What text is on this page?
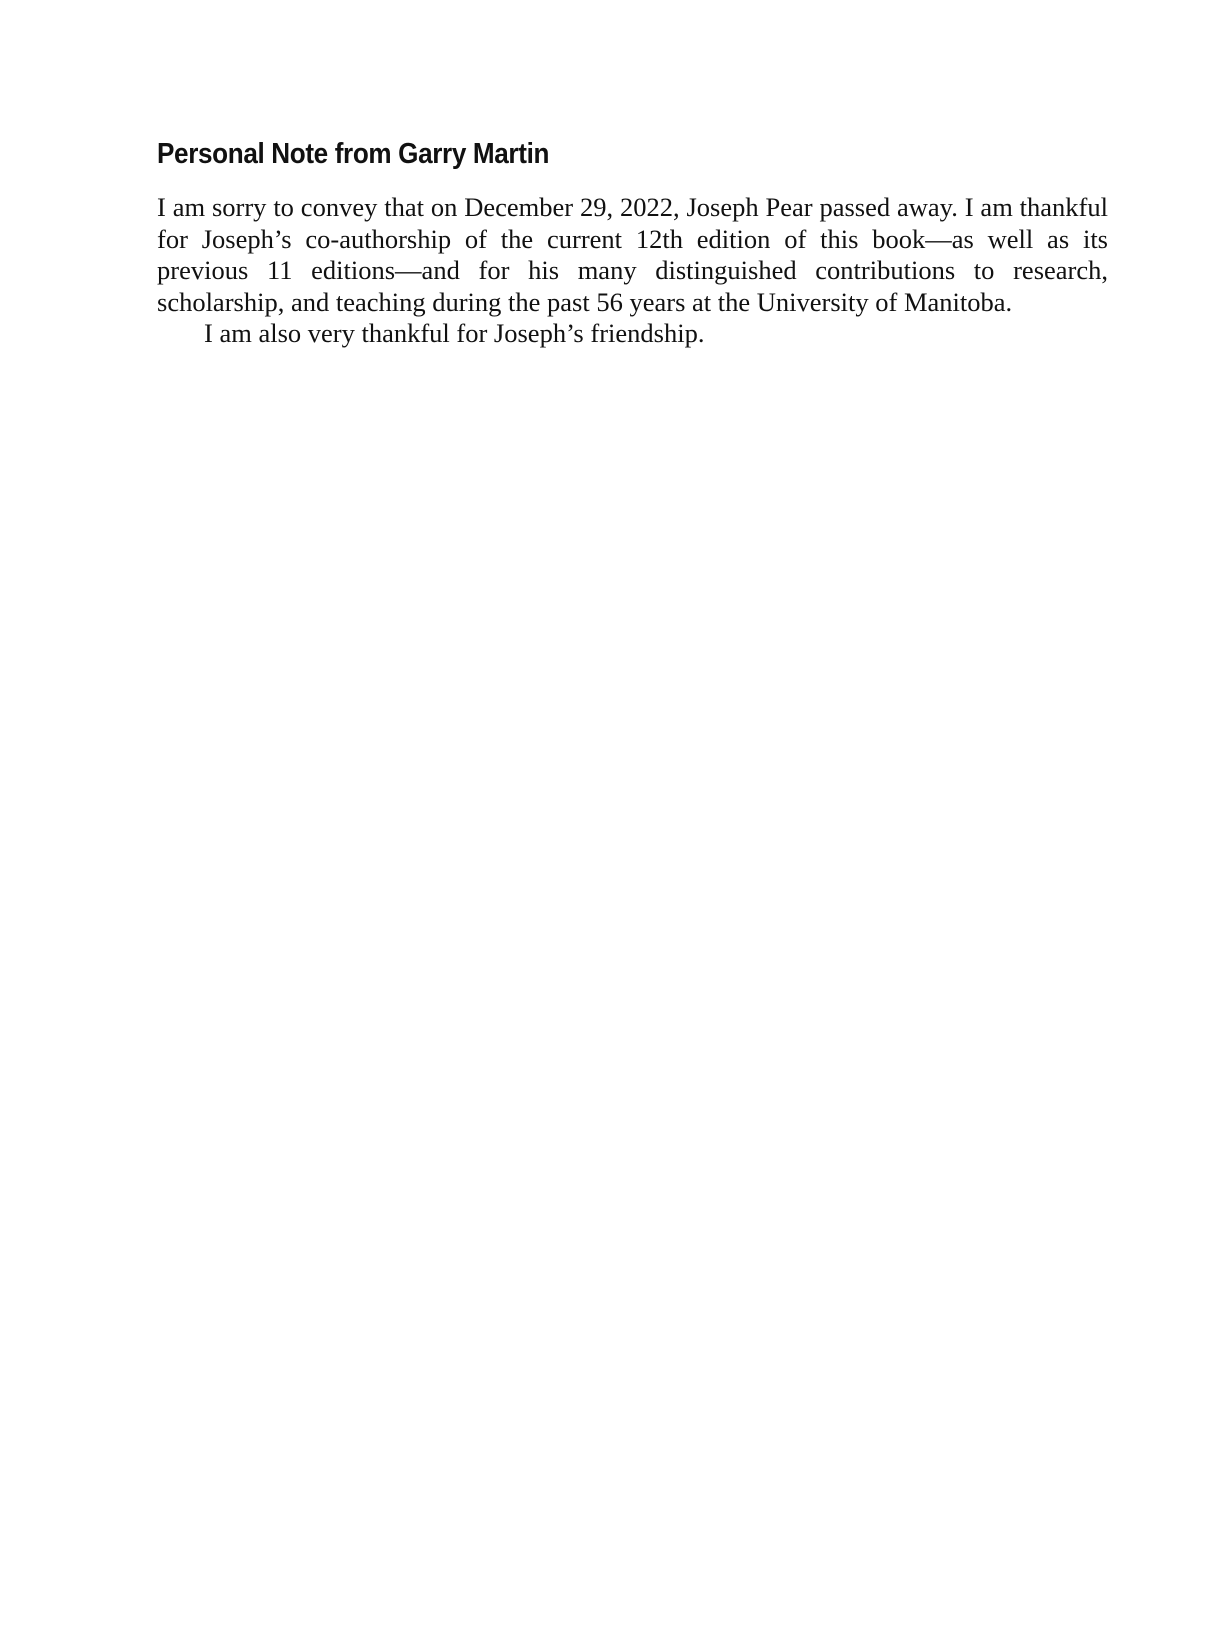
Personal Note from Garry Martin

I am sorry to convey that on December 29, 2022, Joseph Pear passed away. I am thankful for Joseph’s co-authorship of the current 12th edition of this book—as well as its previous 11 editions—and for his many distinguished contributions to research, scholarship, and teaching during the past 56 years at the University of Manitoba.

I am also very thankful for Joseph’s friendship.
